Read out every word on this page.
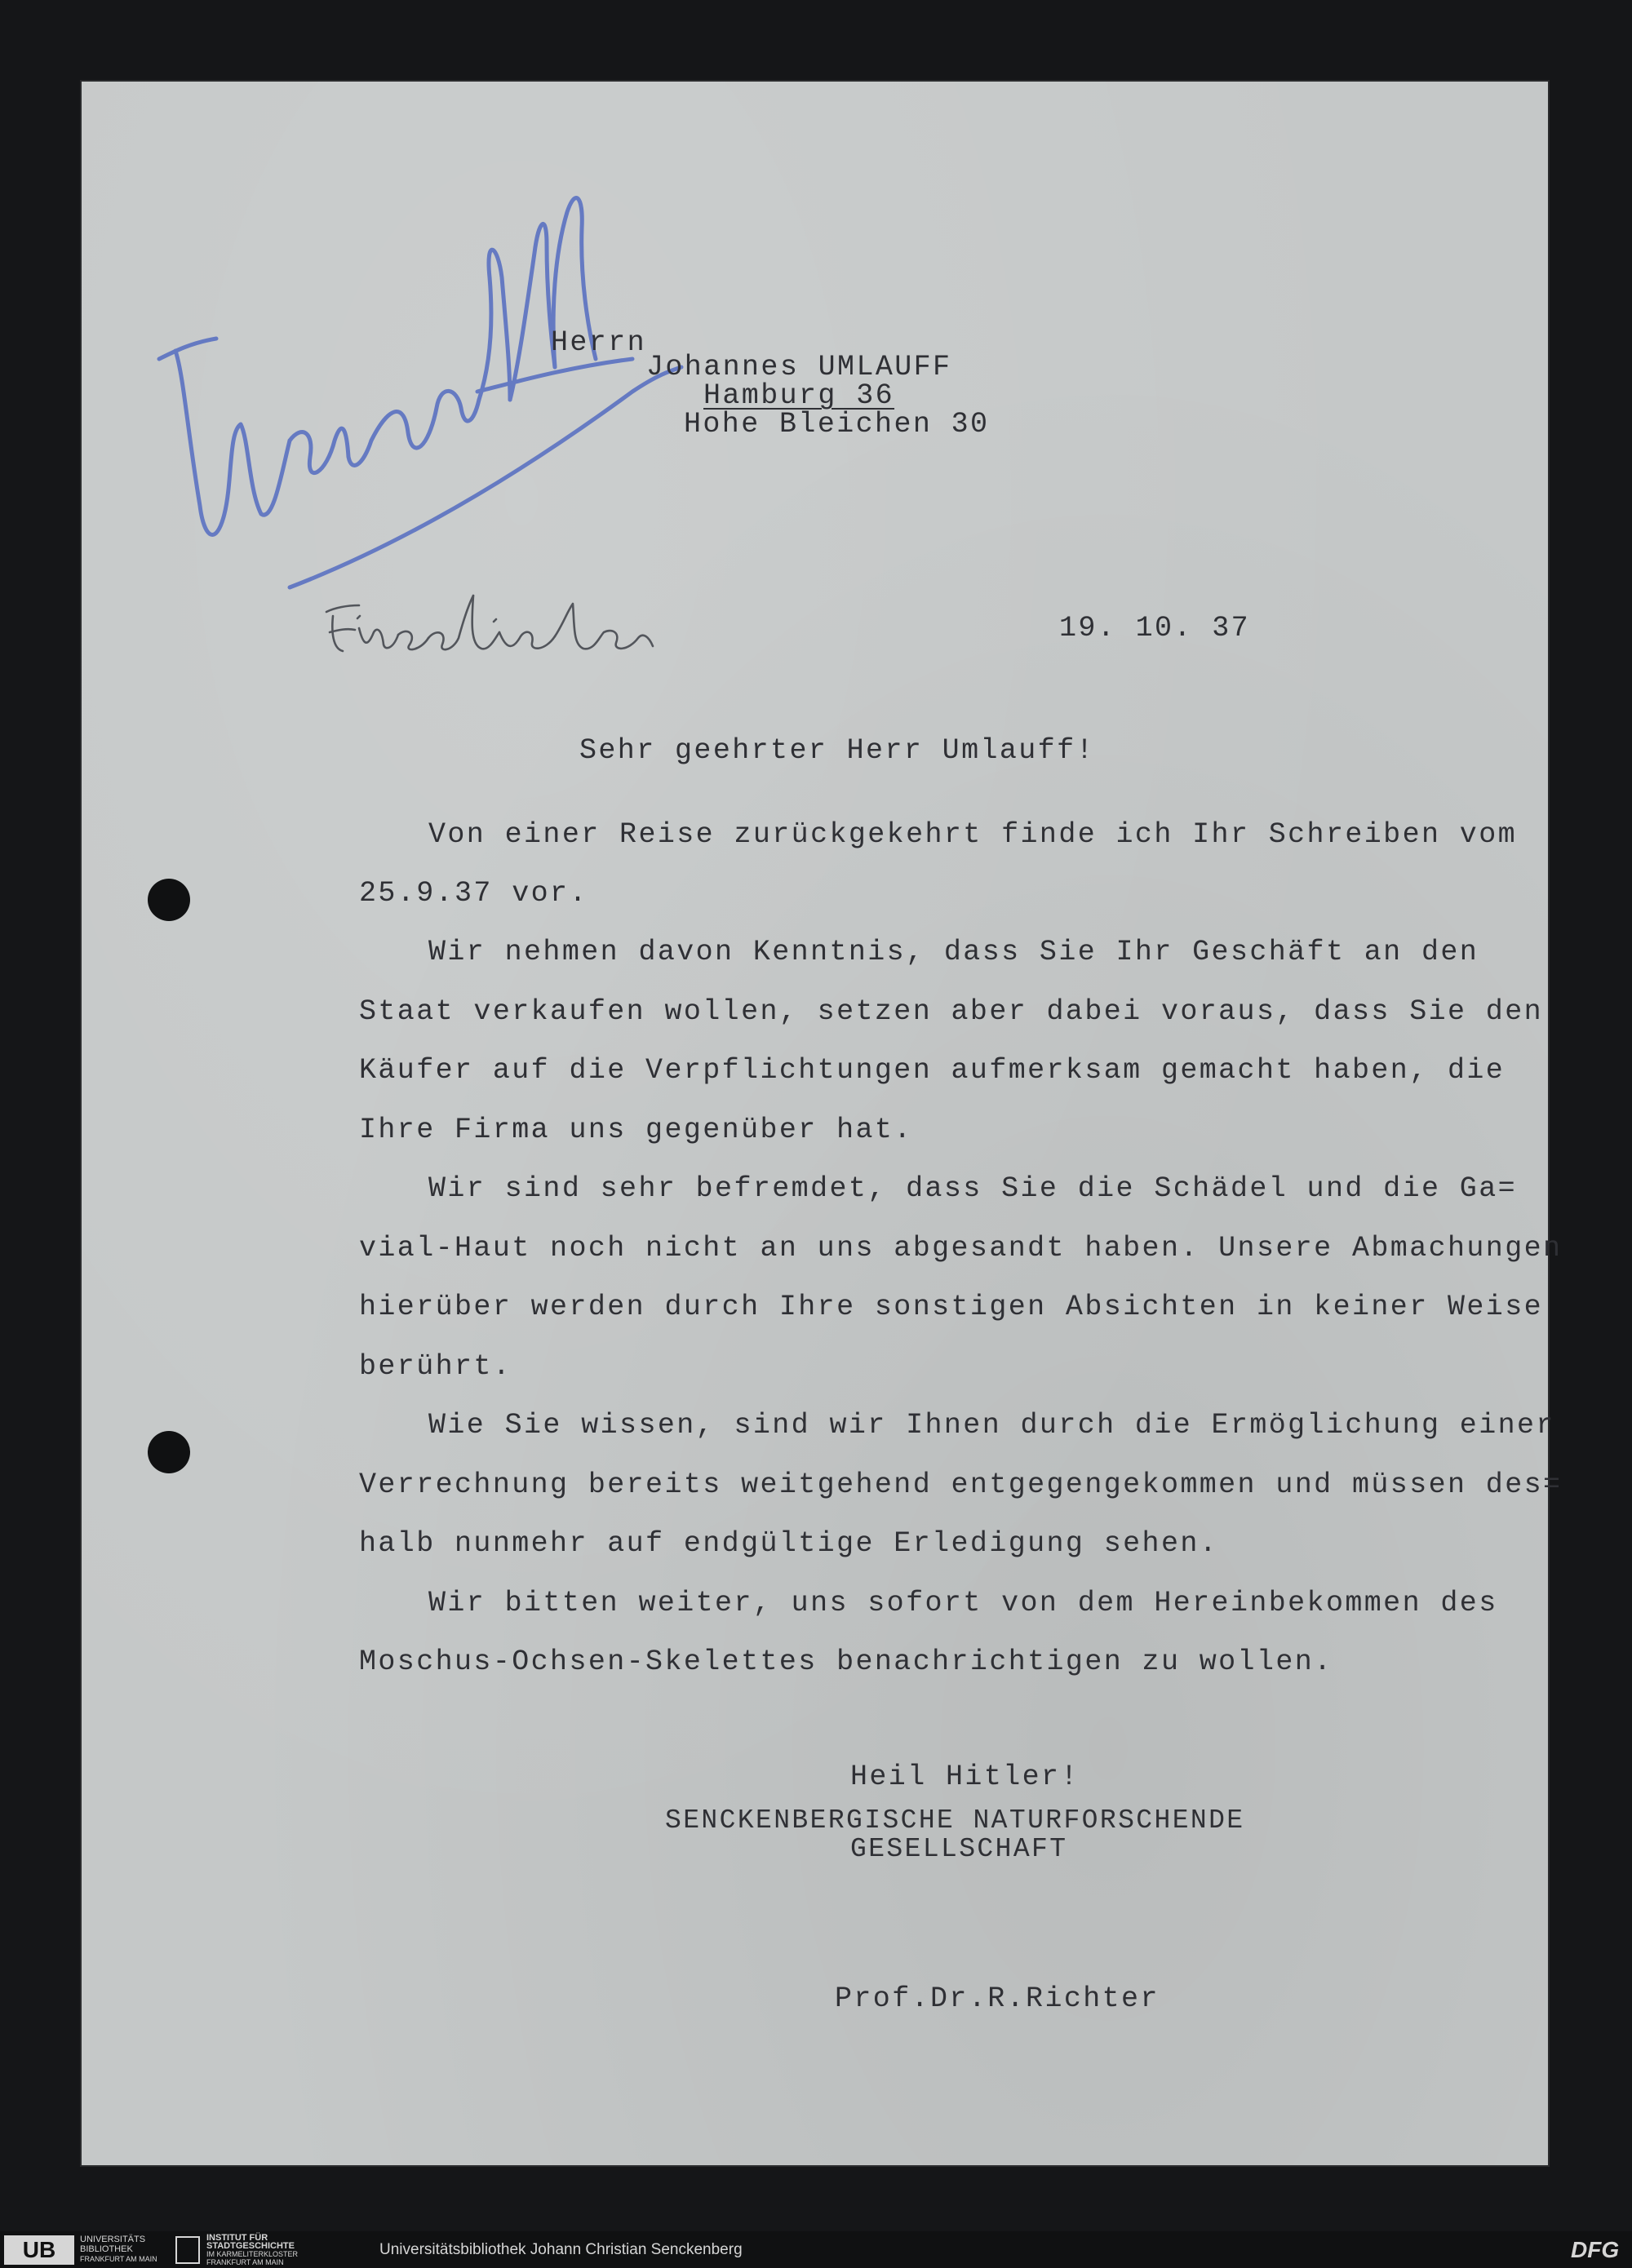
Herrn
Johannes UMLAUFF
Hamburg 36
Hohe Bleichen 30
19. 10. 37
Sehr geehrter Herr Umlauff!
Von einer Reise zurückgekehrt finde ich Ihr Schreiben vom
25.9.37 vor.
Wir nehmen davon Kenntnis, dass Sie Ihr Geschäft an den
Staat verkaufen wollen, setzen aber dabei voraus, dass Sie den
Käufer auf die Verpflichtungen aufmerksam gemacht haben, die
Ihre Firma uns gegenüber hat.
Wir sind sehr befremdet, dass Sie die Schädel und die Ga=
vial-Haut noch nicht an uns abgesandt haben. Unsere Abmachungen
hierüber werden durch Ihre sonstigen Absichten in keiner Weise
berührt.
Wie Sie wissen, sind wir Ihnen durch die Ermöglichung einer
Verrechnung bereits weitgehend entgegengekommen und müssen des=
halb nunmehr auf endgültige Erledigung sehen.
Wir bitten weiter, uns sofort von dem Hereinbekommen des
Moschus-Ochsen-Skelettes benachrichtigen zu wollen.
Heil Hitler!
SENCKENBERGISCHE NATURFORSCHENDE
GESELLSCHAFT
Prof.Dr.R.Richter
UB	UNIVERSITÄTS
BIBLIOTHEK
FRANKFURT AM MAIN
INSTITUT FÜR
STADTGESCHICHTE
IM KARMELITERKLOSTER
FRANKFURT AM MAIN
Universitätsbibliothek Johann Christian Senckenberg	DFG
